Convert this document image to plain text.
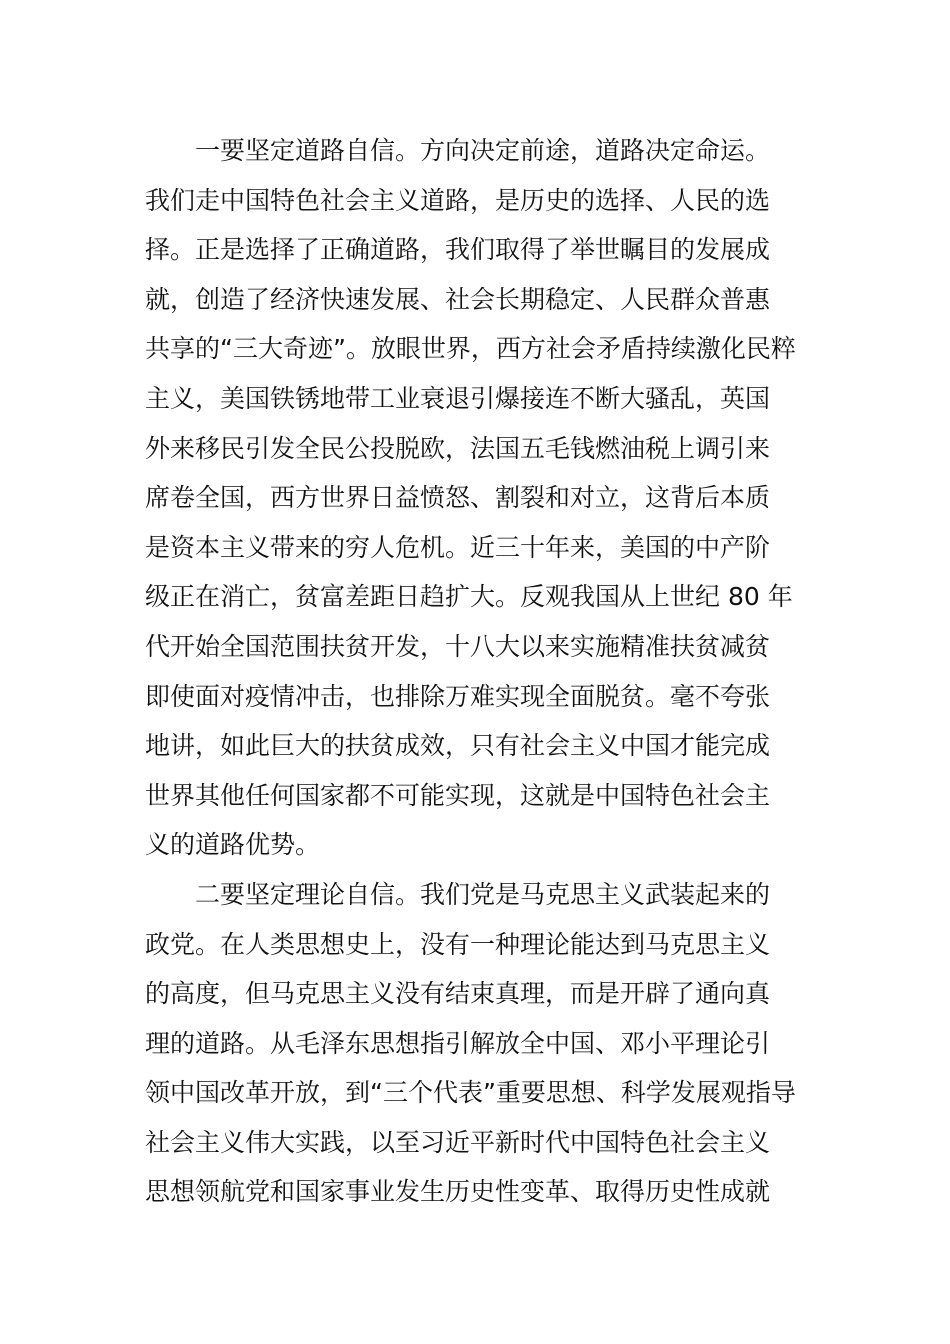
一要坚定道路自信。方向决定前途，道路决定命运。
我们走中国特色社会主义道路，是历史的选择、人民的选
择。正是选择了正确道路，我们取得了举世瞩目的发展成
就，创造了经济快速发展、社会长期稳定、人民群众普惠
共享的“三大奇迹”。放眼世界，西方社会矛盾持续激化民粹
主义，美国铁锈地带工业衰退引爆接连不断大骚乱，英国
外来移民引发全民公投脱欧，法国五毛钱燃油税上调引来
席卷全国，西方世界日益愤怒、割裂和对立，这背后本质
是资本主义带来的穷人危机。近三十年来，美国的中产阶
级正在消亡，贫富差距日趋扩大。反观我国从上世纪 80 年
代开始全国范围扶贫开发，十八大以来实施精准扶贫减贫
即使面对疫情冲击，也排除万难实现全面脱贫。毫不夸张
地讲，如此巨大的扶贫成效，只有社会主义中国才能完成
世界其他任何国家都不可能实现，这就是中国特色社会主
义的道路优势。
二要坚定理论自信。我们党是马克思主义武装起来的
政党。在人类思想史上，没有一种理论能达到马克思主义
的高度，但马克思主义没有结束真理，而是开辟了通向真
理的道路。从毛泽东思想指引解放全中国、邓小平理论引
领中国改革开放，到“三个代表”重要思想、科学发展观指导
社会主义伟大实践，以至习近平新时代中国特色社会主义
思想领航党和国家事业发生历史性变革、取得历史性成就
